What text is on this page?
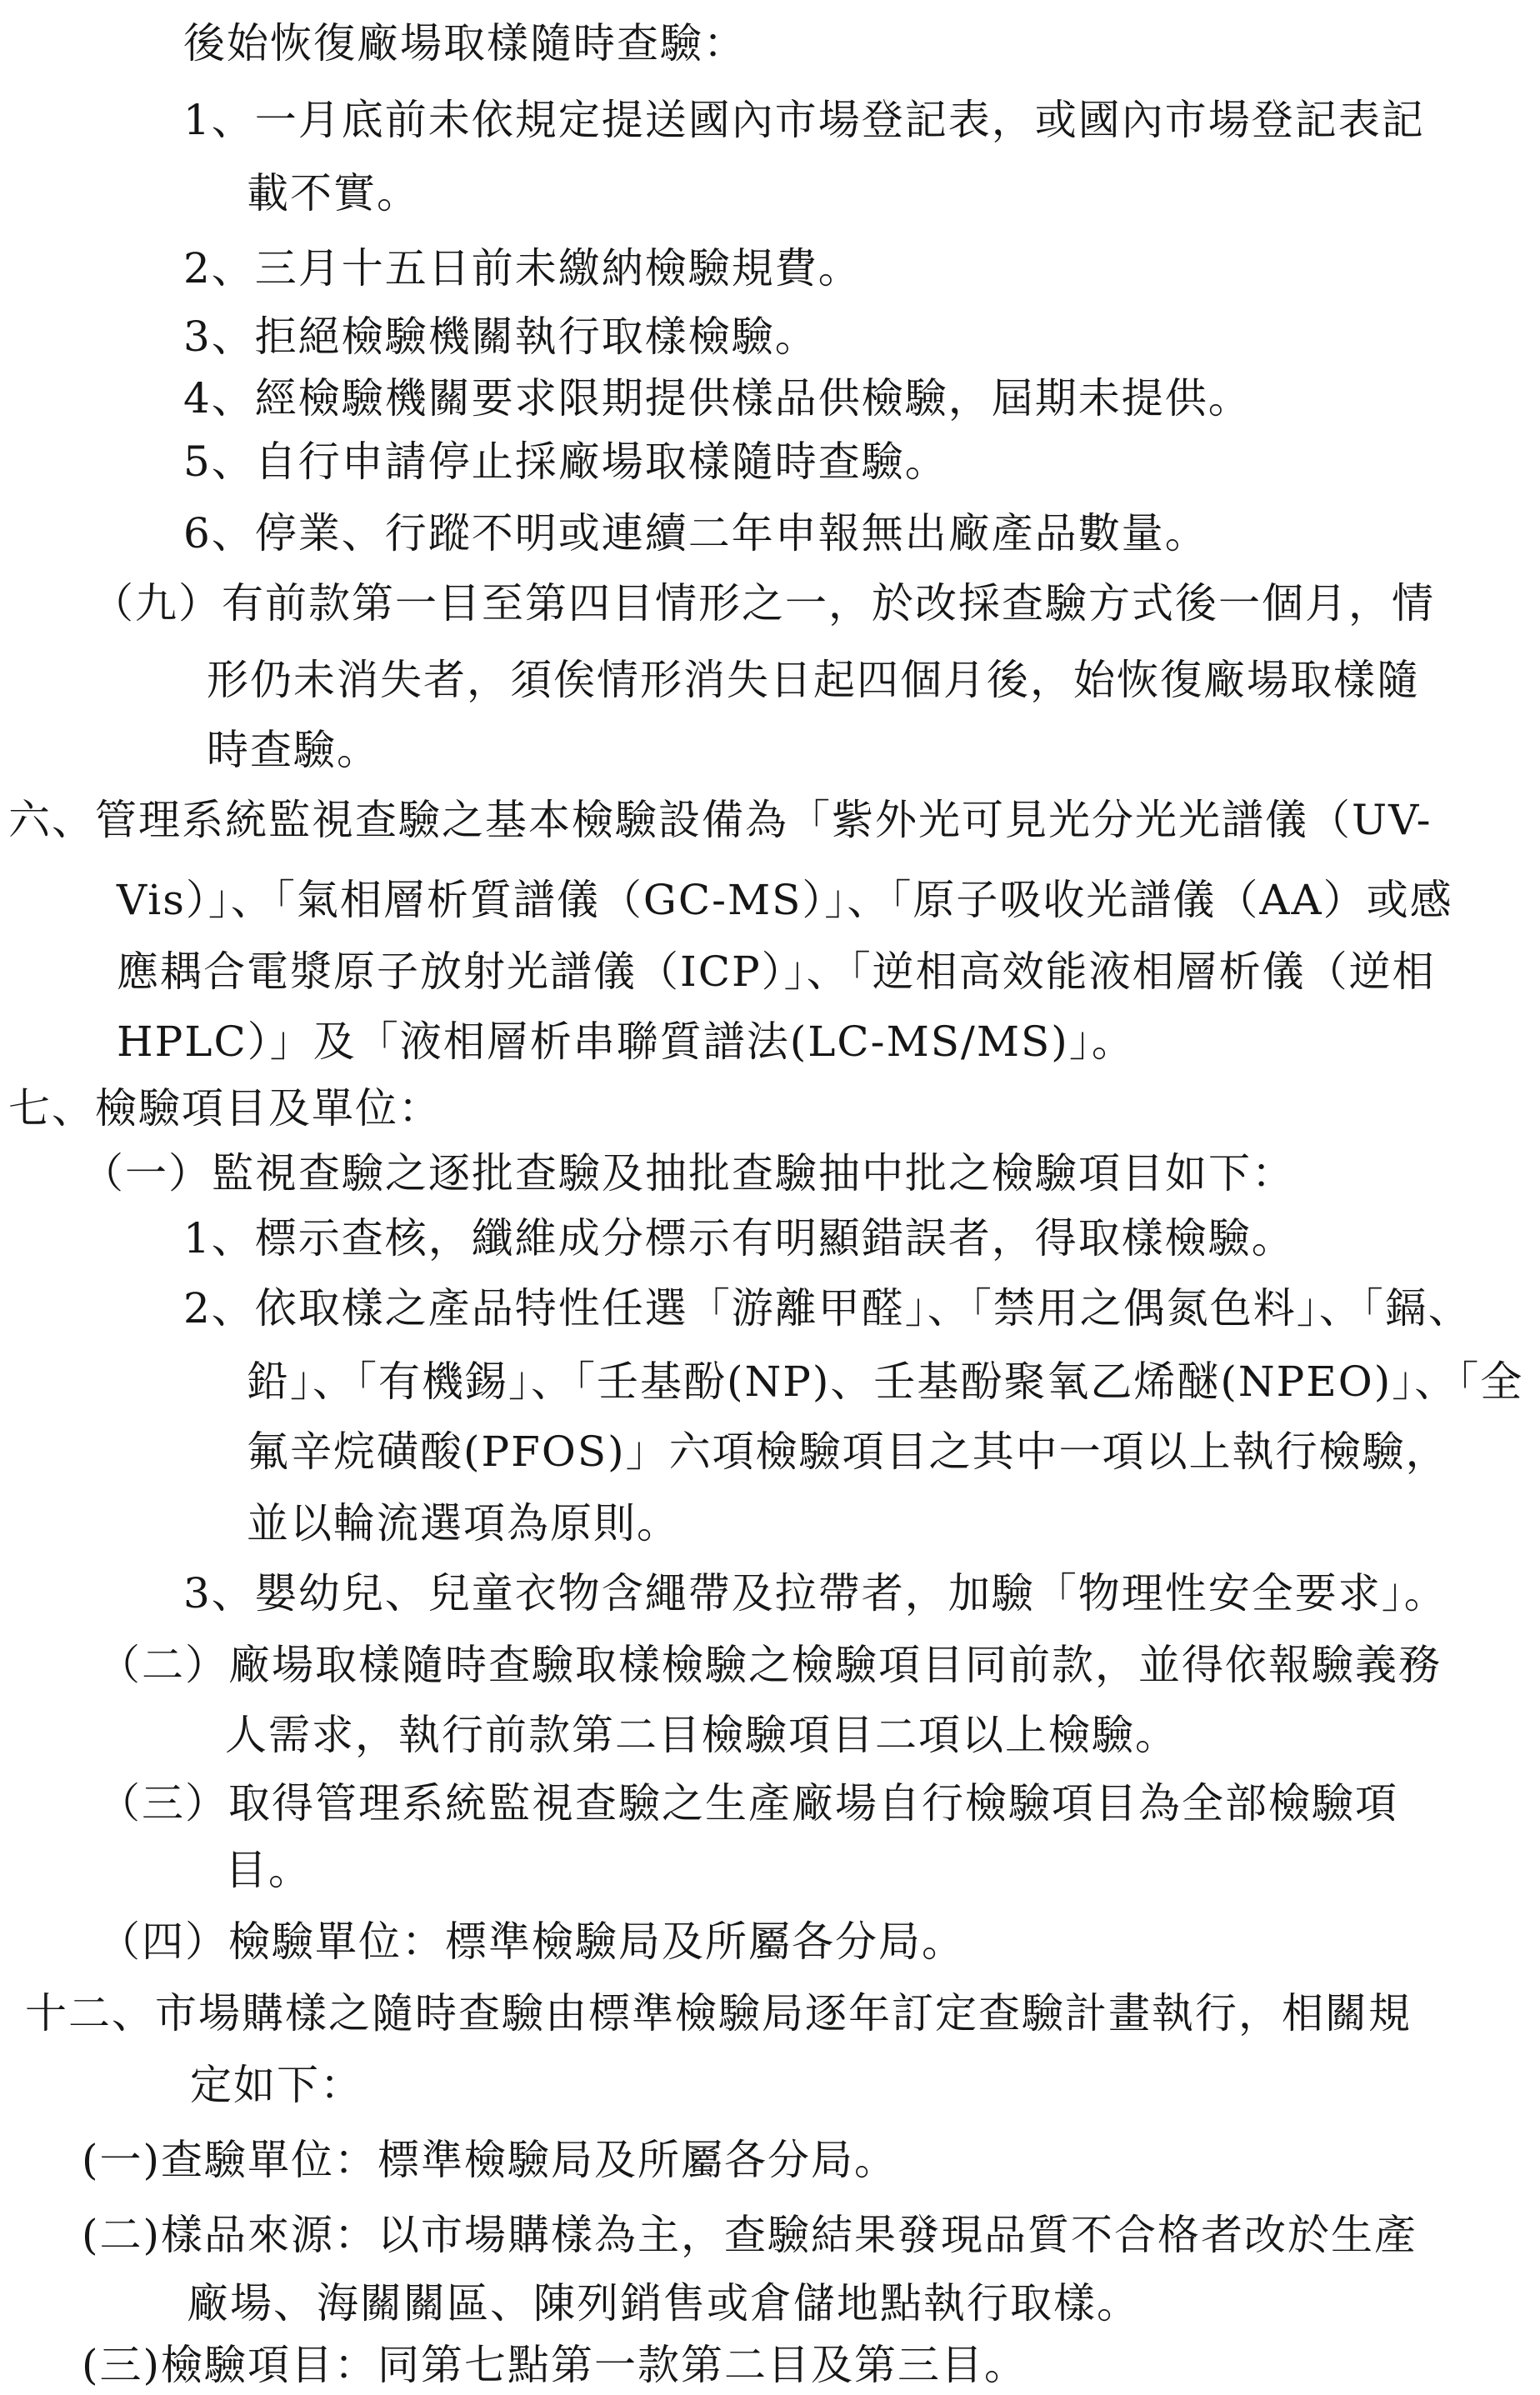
後始恢復廠場取樣隨時查驗：
1、一月底前未依規定提送國內市場登記表，或國內市場登記表記
載不實。
2、三月十五日前未繳納檢驗規費。
3、拒絕檢驗機關執行取樣檢驗。
4、經檢驗機關要求限期提供樣品供檢驗，屆期未提供。
5、自行申請停止採廠場取樣隨時查驗。
6、停業、行蹤不明或連續二年申報無出廠產品數量。
（九）有前款第一目至第四目情形之一，於改採查驗方式後一個月，情
形仍未消失者，須俟情形消失日起四個月後，始恢復廠場取樣隨
時查驗。
六、管理系統監視查驗之基本檢驗設備為「紫外光可見光分光光譜儀（UV-
Vis）」、「氣相層析質譜儀（GC-MS）」、「原子吸收光譜儀（AA）或感
應耦合電漿原子放射光譜儀（ICP）」、「逆相高效能液相層析儀（逆相
HPLC）」及「液相層析串聯質譜法(LC-MS/MS)」。
七、檢驗項目及單位：
（一）監視查驗之逐批查驗及抽批查驗抽中批之檢驗項目如下：
1、標示查核，纖維成分標示有明顯錯誤者，得取樣檢驗。
2、依取樣之產品特性任選「游離甲醛」、「禁用之偶氮色料」、「鎘、
鉛」、「有機錫」、「壬基酚(NP)、壬基酚聚氧乙烯醚(NPEO)」、「全
氟辛烷磺酸(PFOS)」六項檢驗項目之其中一項以上執行檢驗，
並以輪流選項為原則。
3、嬰幼兒、兒童衣物含繩帶及拉帶者，加驗「物理性安全要求」。
（二）廠場取樣隨時查驗取樣檢驗之檢驗項目同前款，並得依報驗義務
人需求，執行前款第二目檢驗項目二項以上檢驗。
（三）取得管理系統監視查驗之生產廠場自行檢驗項目為全部檢驗項
目。
（四）檢驗單位：標準檢驗局及所屬各分局。
十二、市場購樣之隨時查驗由標準檢驗局逐年訂定查驗計畫執行，相關規
定如下：
(一)查驗單位：標準檢驗局及所屬各分局。
(二)樣品來源：以市場購樣為主，查驗結果發現品質不合格者改於生產
廠場、海關關區、陳列銷售或倉儲地點執行取樣。
(三)檢驗項目：同第七點第一款第二目及第三目。
